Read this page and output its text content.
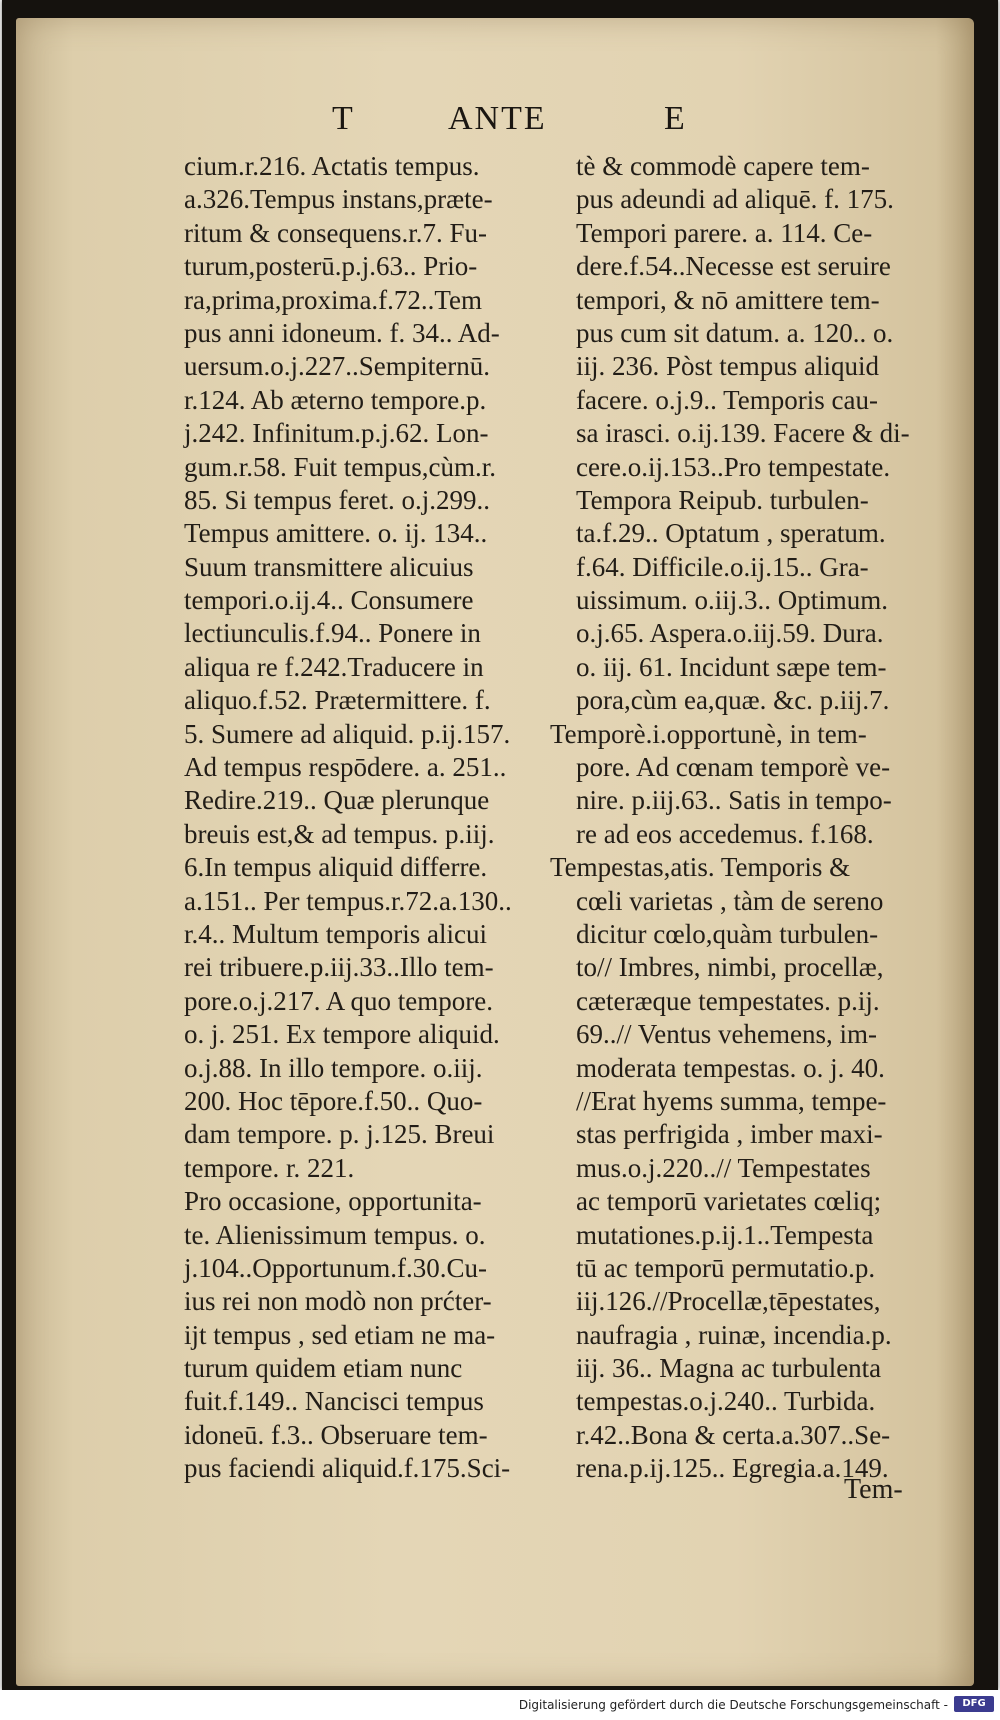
T	ANTE	E
cium.r.216. Actatis tempus.
a.326.Tempus instans,præte-
ritum & consequens.r.7. Fu-
turum,posterū.p.j.63.. Prio-
ra,prima,proxima.f.72..Tem
pus anni idoneum. f. 34.. Ad-
uersum.o.j.227..Sempiternū.
r.124. Ab æterno tempore.p.
j.242. Infinitum.p.j.62. Lon-
gum.r.58. Fuit tempus,cùm.r.
85. Si tempus feret. o.j.299..
Tempus amittere. o. ij. 134..
Suum transmittere alicuius
tempori.o.ij.4.. Consumere
lectiunculis.f.94.. Ponere in
aliqua re f.242.Traducere in
aliquo.f.52. Prætermittere. f.
5. Sumere ad aliquid. p.ij.157.
Ad tempus respōdere. a. 251..
Redire.219.. Quæ plerunque
breuis est,& ad tempus. p.iij.
6.In tempus aliquid differre.
a.151.. Per tempus.r.72.a.130..
r.4.. Multum temporis alicui
rei tribuere.p.iij.33..Illo tem-
pore.o.j.217. A quo tempore.
o. j. 251. Ex tempore aliquid.
o.j.88. In illo tempore. o.iij.
200. Hoc tēpore.f.50.. Quo-
dam tempore. p. j.125. Breui
tempore. r. 221.
Pro occasione, opportunita-
te. Alienissimum tempus. o.
j.104..Opportunum.f.30.Cu-
ius rei non modò non prćter-
ijt tempus , sed etiam ne ma-
turum quidem etiam nunc
fuit.f.149.. Nancisci tempus
idoneū. f.3.. Obseruare tem-
pus faciendi aliquid.f.175.Sci-
tè & commodè capere tem-
pus adeundi ad aliquē. f. 175.
Tempori parere. a. 114. Ce-
dere.f.54..Necesse est seruire
tempori, & nō amittere tem-
pus cum sit datum. a. 120.. o.
iij. 236. Pòst tempus aliquid
facere. o.j.9.. Temporis cau-
sa irasci. o.ij.139. Facere & di-
cere.o.ij.153..Pro tempestate.
Tempora Reipub. turbulen-
ta.f.29.. Optatum , speratum.
f.64. Difficile.o.ij.15.. Gra-
uissimum. o.iij.3.. Optimum.
o.j.65. Aspera.o.iij.59. Dura.
o. iij. 61. Incidunt sæpe tem-
pora,cùm ea,quæ. &c. p.iij.7.
Temporè.i.opportunè, in tem-
pore. Ad cœnam temporè ve-
nire. p.iij.63.. Satis in tempo-
re ad eos accedemus. f.168.
Tempestas,atis. Temporis &
cœli varietas , tàm de sereno
dicitur cœlo,quàm turbulen-
to// Imbres, nimbi, procellæ,
cæteræque tempestates. p.ij.
69..// Ventus vehemens, im-
moderata tempestas. o. j. 40.
//Erat hyems summa, tempe-
stas perfrigida , imber maxi-
mus.o.j.220..// Tempestates
ac temporū varietates cœliq;
mutationes.p.ij.1..Tempesta
tū ac temporū permutatio.p.
iij.126.//Procellæ,tēpestates,
naufragia , ruinæ, incendia.p.
iij. 36.. Magna ac turbulenta
tempestas.o.j.240.. Turbida.
r.42..Bona & certa.a.307..Se-
rena.p.ij.125.. Egregia.a.149.
Tem-
Digitalisierung gefördert durch die Deutsche Forschungsgemeinschaft -	DFG
